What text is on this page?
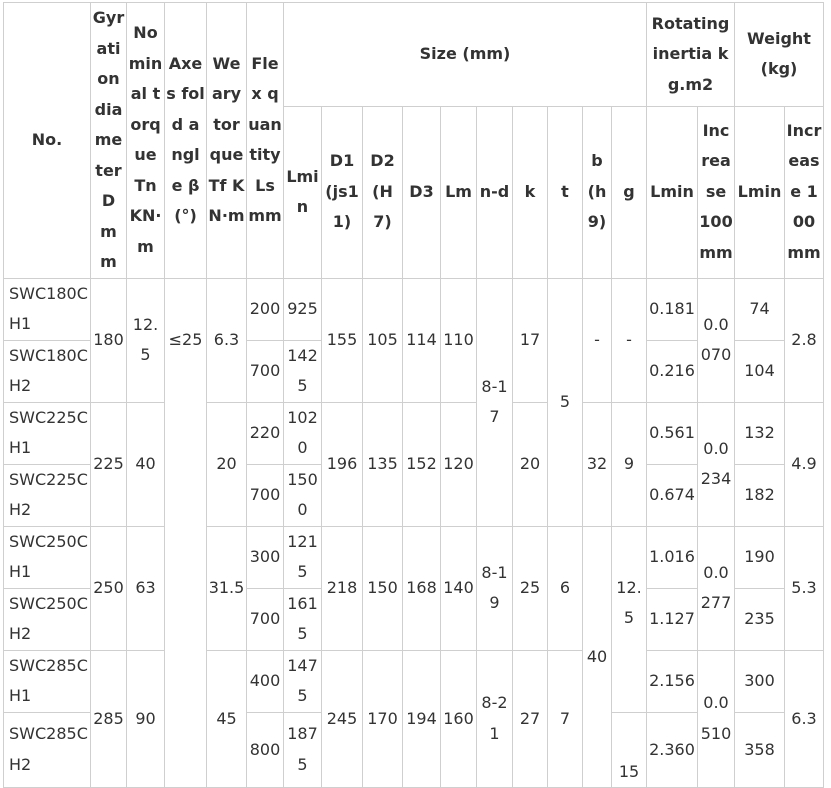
No.	Gyration diameter D mm	Nominal torque Tn KN·m	Axes fold angle β (°)	Weary torque Tf KN·m	Flex quantity Ls mm	Size (mm)										Rotating inertia kg.m2		Weight (kg)	
						Lmin	D1 (js11)	D2 (H7)	D3	Lm	n-d	k	t	b (h9)	g	Lmin	Increase 100 mm	Lmin	Increase 100 mm
SWC180CH1	180	12.5	≤25	6.3	200	925	155	105	114	110	8-17	17	5	-	-	0.181	0.0070	74	2.8
SWC180CH2					700	1425										0.216		104	
SWC225CH1	225	40		20	220	1020	196	135	152	120		20		32	9	0.561	0.0234	132	4.9
SWC225CH2					700	1500										0.674		182	
SWC250CH1	250	63		31.5	300	1215	218	150	168	140	8-19	25	6	40	12.5	1.016	0.0277	190	5.3
SWC250CH2					700	1615										1.127		235	
SWC285CH1	285	90		45	400	1475	245	170	194	160	8-21	27	7			2.156	0.0510	300	6.3
SWC285CH2					800	1875									15	2.360		358	
